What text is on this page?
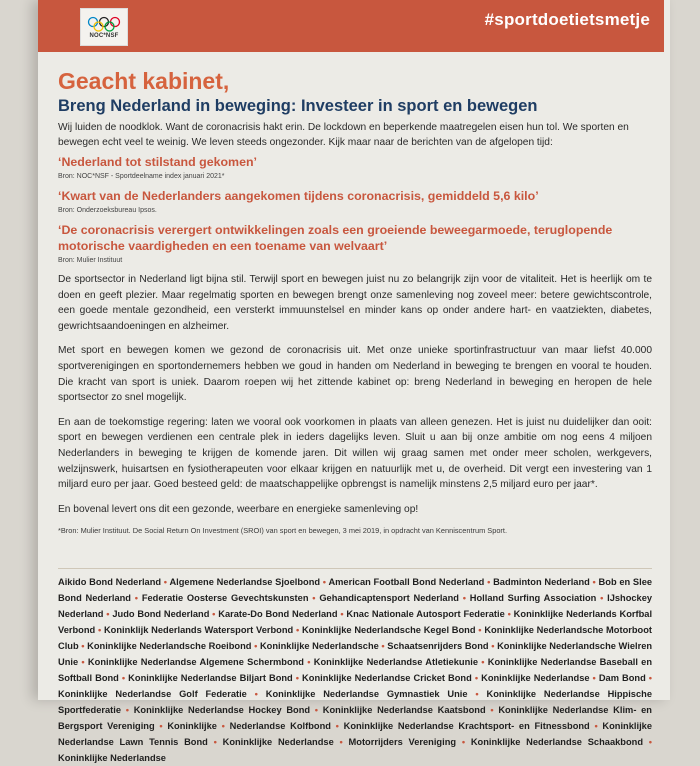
NOC*NSF
#sportdoetietsmetje
Geacht kabinet,
Breng Nederland in beweging: Investeer in sport en bewegen

Wij luiden de noodklok. Want de coronacrisis hakt erin. De lockdown en beperkende maatregelen eisen hun tol. We sporten en bewegen echt veel te weinig. We leven steeds ongezonder. Kijk maar naar de berichten van de afgelopen tijd:

‘Nederland tot stilstand gekomen’

Bron: NOC*NSF - Sportdeelname index januari 2021*

‘Kwart van de Nederlanders aangekomen tijdens coronacrisis, gemiddeld 5,6 kilo’

Bron: Onderzoeksbureau Ipsos.

‘De coronacrisis verergert ontwikkelingen zoals een groeiende beweegarmoede, teruglopende motorische vaardigheden en een toename van welvaart’

Bron: Mulier Instituut

De sportsector in Nederland ligt bijna stil. Terwijl sport en bewegen juist nu zo belangrijk zijn voor de vitaliteit. Het is heerlijk om te doen en geeft plezier. Maar regelmatig sporten en bewegen brengt onze samenleving nog zoveel meer: betere gewichtscontrole, een goede mentale gezondheid, een versterkt immuunstelsel en minder kans op onder andere hart- en vaatziekten, diabetes, gewrichtsaandoeningen en alzheimer.

Met sport en bewegen komen we gezond de coronacrisis uit. Met onze unieke sportinfrastructuur van maar liefst 40.000 sportverenigingen en sportondernemers hebben we goud in handen om Nederland in beweging te brengen en vooral te houden. Die kracht van sport is uniek. Daarom roepen wij het zittende kabinet op: breng Nederland in beweging en heropen de hele sportsector zo snel mogelijk.

En aan de toekomstige regering: laten we vooral ook voorkomen in plaats van alleen genezen. Het is juist nu duidelijker dan ooit: sport en bewegen verdienen een centrale plek in ieders dagelijks leven. Sluit u aan bij onze ambitie om nog eens 4 miljoen Nederlanders in beweging te krijgen de komende jaren. Dit willen wij graag samen met onder meer scholen, werkgevers, welzijnswerk, huisartsen en fysiotherapeuten voor elkaar krijgen en natuurlijk met u, de overheid. Dit vergt een investering van 1 miljard euro per jaar. Goed besteed geld: de maatschappelijke opbrengst is namelijk minstens 2,5 miljard euro per jaar*.

En bovenal levert ons dit een gezonde, weerbare en energieke samenleving op!

*Bron: Mulier Instituut. De Social Return On Investment (SROI) van sport en bewegen, 3 mei 2019, in opdracht van Kenniscentrum Sport.

Aikido Bond Nederland • Algemene Nederlandse Sjoelbond • American Football Bond Nederland • Badminton Nederland • Bob en Slee Bond Nederland • Federatie Oosterse Gevechtskunsten • Gehandicaptensport Nederland • Holland Surfing Association • IJshockey Nederland • Judo Bond Nederland • Karate-Do Bond Nederland • Knac Nationale Autosport Federatie • Koninklijke Nederlands Korfbal Verbond • Koninklijk Nederlands Watersport Verbond • Koninklijke Nederlandsche Kegel Bond • Koninklijke Nederlandsche Motorboot Club • Koninklijke Nederlandsche Roeibond • Koninklijke Nederlandsche • Schaatsenrijders Bond • Koninklijke Nederlandsche Wielren Unie • Koninklijke Nederlandse Algemene Schermbond • Koninklijke Nederlandse Atletiekunie • Koninklijke Nederlandse Baseball en Softball Bond • Koninklijke Nederlandse Biljart Bond • Koninklijke Nederlandse Cricket Bond • Koninklijke Nederlandse • Dam Bond • Koninklijke Nederlandse Golf Federatie • Koninklijke Nederlandse Gymnastiek Unie • Koninklijke Nederlandse Hippische Sportfederatie • Koninklijke Nederlandse Hockey Bond • Koninklijke Nederlandse Kaatsbond • Koninklijke Nederlandse Klim- en Bergsport Vereniging • Koninklijke • Nederlandse Kolfbond • Koninklijke Nederlandse Krachtsport- en Fitnessbond • Koninklijke Nederlandse Lawn Tennis Bond • Koninklijke Nederlandse • Motorrijders Vereniging • Koninklijke Nederlandse Schaakbond • Koninklijke Nederlandse
